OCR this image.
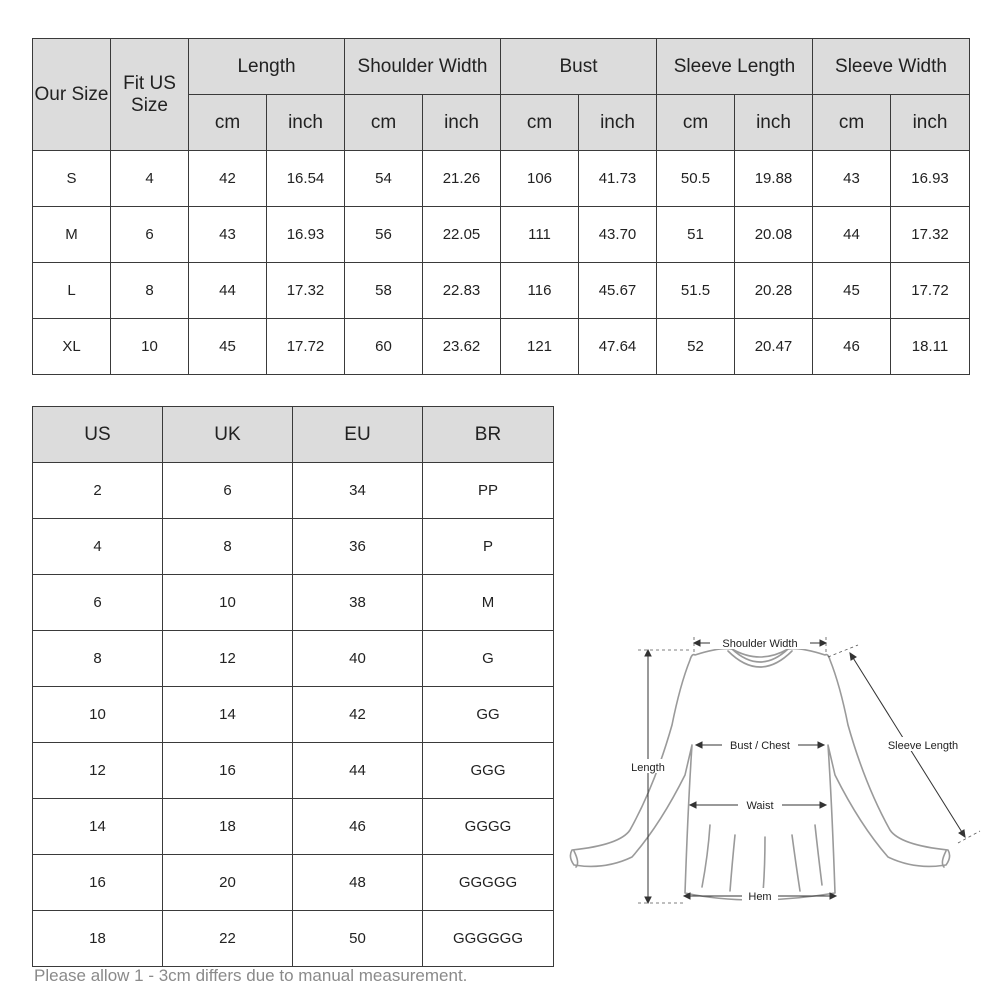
Our Size	Fit US Size	Length		Shoulder Width		Bust		Sleeve Length		Sleeve Width	
		cm	inch	cm	inch	cm	inch	cm	inch	cm	inch
S	4	42	16.54	54	21.26	106	41.73	50.5	19.88	43	16.93
M	6	43	16.93	56	22.05	111	43.70	51	20.08	44	17.32
L	8	44	17.32	58	22.83	116	45.67	51.5	20.28	45	17.72
XL	10	45	17.72	60	23.62	121	47.64	52	20.47	46	18.11
US	UK	EU	BR
2	6	34	PP
4	8	36	P
6	10	38	M
8	12	40	G
10	14	42	GG
12	16	44	GGG
14	18	46	GGGG
16	20	48	GGGGG
18	22	50	GGGGGG
Shoulder Width
Bust / Chest
Waist
Hem
Length
Sleeve Length
Please allow 1 - 3cm differs due to manual measurement.
